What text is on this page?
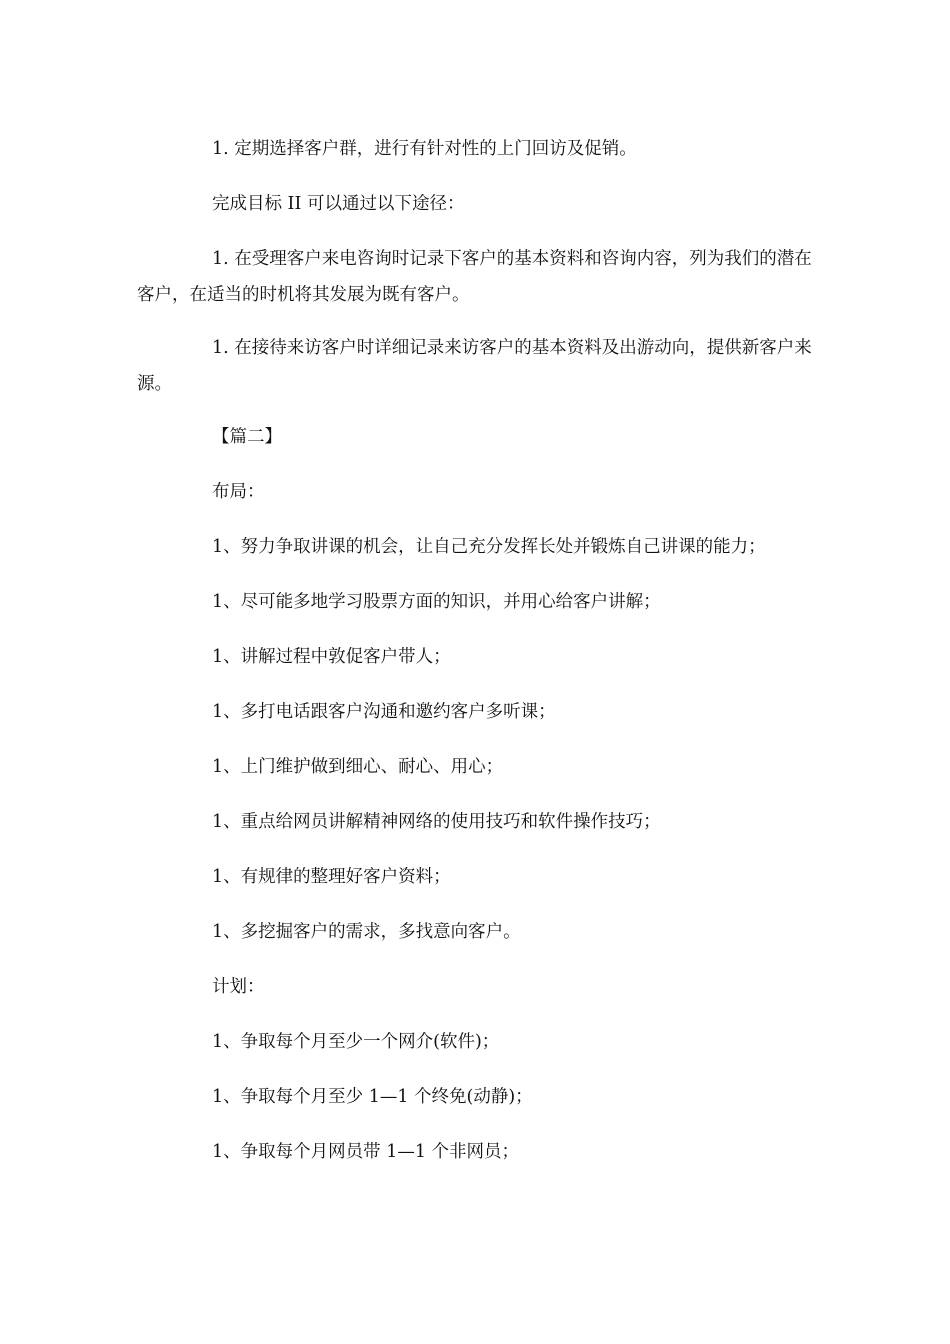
1. 定期选择客户群，进行有针对性的上门回访及促销。

完成目标 II 可以通过以下途径：

1. 在受理客户来电咨询时记录下客户的基本资料和咨询内容，列为我们的潜在客户，在适当的时机将其发展为既有客户。

1. 在接待来访客户时详细记录来访客户的基本资料及出游动向，提供新客户来源。

【篇二】

布局：

1、努力争取讲课的机会，让自己充分发挥长处并锻炼自己讲课的能力；

1、尽可能多地学习股票方面的知识，并用心给客户讲解；

1、讲解过程中敦促客户带人；

1、多打电话跟客户沟通和邀约客户多听课；

1、上门维护做到细心、耐心、用心；

1、重点给网员讲解精神网络的使用技巧和软件操作技巧；

1、有规律的整理好客户资料；

1、多挖掘客户的需求，多找意向客户。

计划：

1、争取每个月至少一个网介(软件)；

1、争取每个月至少 1—1 个终免(动静)；

1、争取每个月网员带 1—1 个非网员；
